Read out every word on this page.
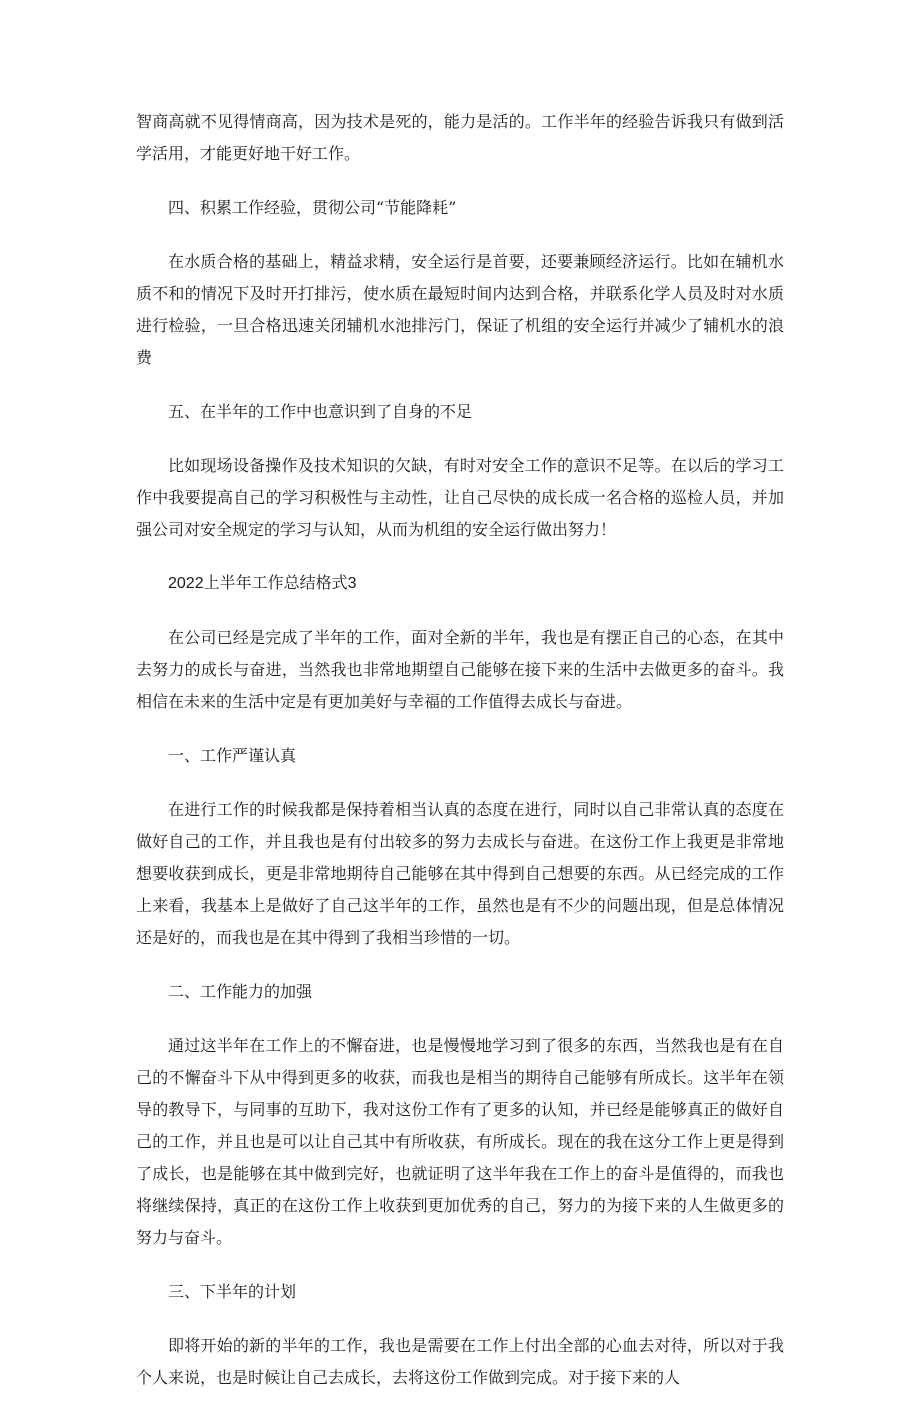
智商高就不见得情商高，因为技术是死的，能力是活的。工作半年的经验告诉我只有做到活学活用，才能更好地干好工作。

四、积累工作经验，贯彻公司“节能降耗”

在水质合格的基础上，精益求精，安全运行是首要，还要兼顾经济运行。比如在辅机水质不和的情况下及时开打排污，使水质在最短时间内达到合格，并联系化学人员及时对水质进行检验，一旦合格迅速关闭辅机水池排污门，保证了机组的安全运行并减少了辅机水的浪费

五、在半年的工作中也意识到了自身的不足

比如现场设备操作及技术知识的欠缺，有时对安全工作的意识不足等。在以后的学习工作中我要提高自己的学习积极性与主动性，让自己尽快的成长成一名合格的巡检人员，并加强公司对安全规定的学习与认知，从而为机组的安全运行做出努力！

2022上半年工作总结格式3

在公司已经是完成了半年的工作，面对全新的半年，我也是有摆正自己的心态，在其中去努力的成长与奋进，当然我也非常地期望自己能够在接下来的生活中去做更多的奋斗。我相信在未来的生活中定是有更加美好与幸福的工作值得去成长与奋进。

一、工作严谨认真

在进行工作的时候我都是保持着相当认真的态度在进行，同时以自己非常认真的态度在做好自己的工作，并且我也是有付出较多的努力去成长与奋进。在这份工作上我更是非常地想要收获到成长，更是非常地期待自己能够在其中得到自己想要的东西。从已经完成的工作上来看，我基本上是做好了自己这半年的工作，虽然也是有不少的问题出现，但是总体情况还是好的，而我也是在其中得到了我相当珍惜的一切。

二、工作能力的加强

通过这半年在工作上的不懈奋进，也是慢慢地学习到了很多的东西，当然我也是有在自己的不懈奋斗下从中得到更多的收获，而我也是相当的期待自己能够有所成长。这半年在领导的教导下，与同事的互助下，我对这份工作有了更多的认知，并已经是能够真正的做好自己的工作，并且也是可以让自己其中有所收获，有所成长。现在的我在这分工作上更是得到了成长，也是能够在其中做到完好，也就证明了这半年我在工作上的奋斗是值得的，而我也将继续保持，真正的在这份工作上收获到更加优秀的自己，努力的为接下来的人生做更多的努力与奋斗。

三、下半年的计划

即将开始的新的半年的工作，我也是需要在工作上付出全部的心血去对待，所以对于我个人来说，也是时候让自己去成长，去将这份工作做到完成。对于接下来的人
